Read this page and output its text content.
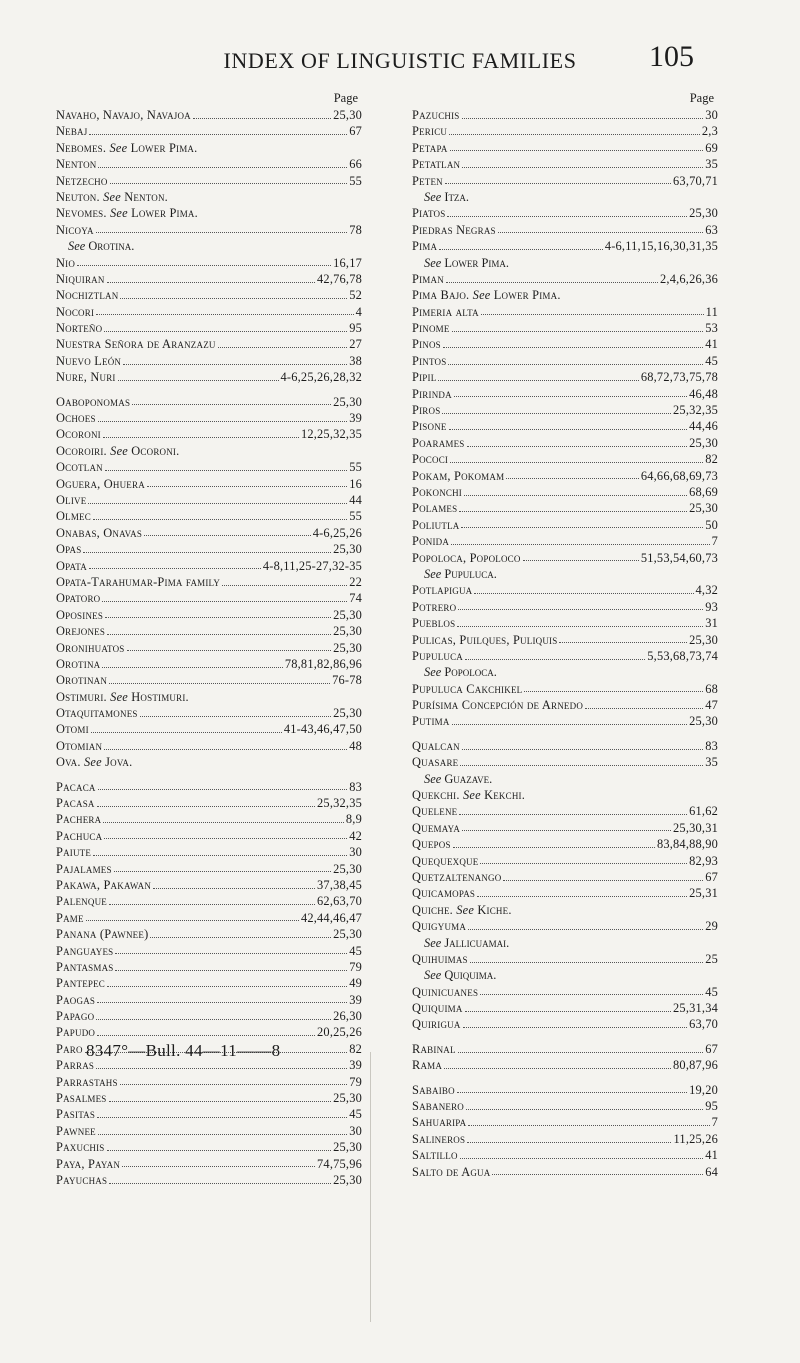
INDEX OF LINGUISTIC FAMILIES	105
Page
Navaho, Navajo, Navajoa	25,30
Nebaj	67
Nebomes. See Lower Pima.
Nenton	66
Netzecho	55
Neuton. See Nenton.
Nevomes. See Lower Pima.
Nicoya	78
See Orotina.
Nio	16,17
Niquiran	42,76,78
Nochiztlan	52
Nocori	4
Norteño	95
Nuestra Señora de Aranzazu	27
Nuevo León	38
Nure, Nuri	4-6,25,26,28,32
Oaboponomas	25,30
Ochoes	39
Ocoroni	12,25,32,35
Ocoroiri. See Ocoroni.
Ocotlan	55
Oguera, Ohuera	16
Olive	44
Olmec	55
Onabas, Onavas	4-6,25,26
Opas	25,30
Opata	4-8,11,25-27,32-35
Opata-Tarahumar-Pima family	22
Opatoro	74
Oposines	25,30
Orejones	25,30
Oronihuatos	25,30
Orotina	78,81,82,86,96
Orotinan	76-78
Ostimuri. See Hostimuri.
Otaquitamones	25,30
Otomi	41-43,46,47,50
Otomian	48
Ova. See Jova.
Pacaca	83
Pacasa	25,32,35
Pachera	8,9
Pachuca	42
Paiute	30
Pajalames	25,30
Pakawa, Pakawan	37,38,45
Palenque	62,63,70
Pame	42,44,46,47
Panana (Pawnee)	25,30
Panguayes	45
Pantasmas	79
Pantepec	49
Paogas	39
Papago	26,30
Papudo	20,25,26
Paro	82
Parras	39
Parrastahs	79
Pasalmes	25,30
Pasitas	45
Pawnee	30
Paxuchis	25,30
Paya, Payan	74,75,96
Payuchas	25,30
Page
Pazuchis	30
Pericu	2,3
Petapa	69
Petatlan	35
Peten	63,70,71
See Itza.
Piatos	25,30
Piedras Negras	63
Pima	4-6,11,15,16,30,31,35
See Lower Pima.
Piman	2,4,6,26,36
Pima Bajo. See Lower Pima.
Pimeria alta	11
Pinome	53
Pinos	41
Pintos	45
Pipil	68,72,73,75,78
Pirinda	46,48
Piros	25,32,35
Pisone	44,46
Poarames	25,30
Pococi	82
Pokam, Pokomam	64,66,68,69,73
Pokonchi	68,69
Polames	25,30
Poliutla	50
Ponida	7
Popoloca, Popoloco	51,53,54,60,73
See Pupuluca.
Potlapigua	4,32
Potrero	93
Pueblos	31
Pulicas, Puilques, Puliquis	25,30
Pupuluca	5,53,68,73,74
See Popoloca.
Pupuluca Cakchikel	68
Purísima Concepción de Arnedo	47
Putima	25,30
Qualcan	83
Quasare	35
See Guazave.
Quekchi. See Kekchi.
Quelene	61,62
Quemaya	25,30,31
Quepos	83,84,88,90
Quequexque	82,93
Quetzaltenango	67
Quicamopas	25,31
Quiche. See Kiche.
Quigyuma	29
See Jallicuamai.
Quihuimas	25
See Quiquima.
Quinicuanes	45
Quiquima	25,31,34
Quirigua	63,70
Rabinal	67
Rama	80,87,96
Sabaibo	19,20
Sabanero	95
Sahuaripa	7
Salineros	11,25,26
Saltillo	41
Salto de Agua	64
8347°—Bull. 44—11——8
